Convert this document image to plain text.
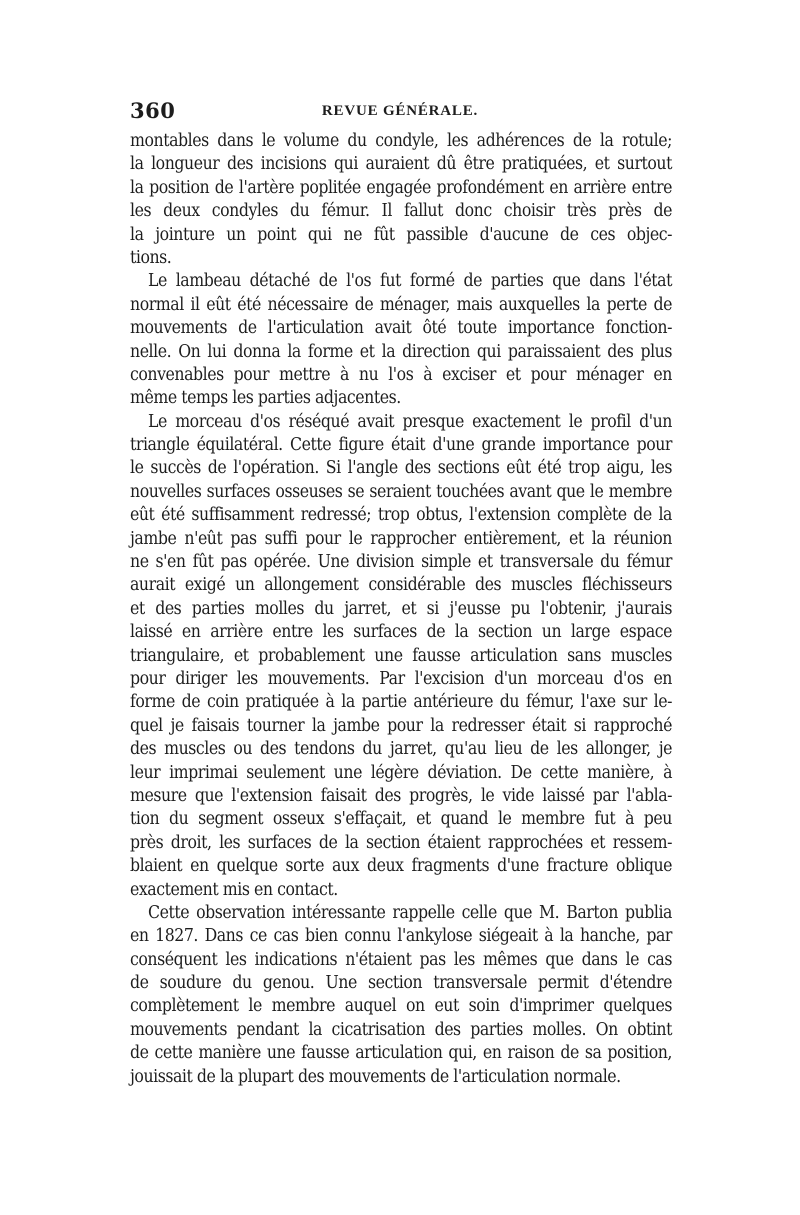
360	REVUE GÉNÉRALE.
montables dans le volume du condyle, les adhérences de la rotule;
la longueur des incisions qui auraient dû être pratiquées, et surtout
la position de l'artère poplitée engagée profondément en arrière entre
les deux condyles du fémur. Il fallut donc choisir très près de
la jointure un point qui ne fût passible d'aucune de ces objec-
tions.
Le lambeau détaché de l'os fut formé de parties que dans l'état
normal il eût été nécessaire de ménager, mais auxquelles la perte de
mouvements de l'articulation avait ôté toute importance fonction-
nelle. On lui donna la forme et la direction qui paraissaient des plus
convenables pour mettre à nu l'os à exciser et pour ménager en
même temps les parties adjacentes.
Le morceau d'os réséqué avait presque exactement le profil d'un
triangle équilatéral. Cette figure était d'une grande importance pour
le succès de l'opération. Si l'angle des sections eût été trop aigu, les
nouvelles surfaces osseuses se seraient touchées avant que le membre
eût été suffisamment redressé; trop obtus, l'extension complète de la
jambe n'eût pas suffi pour le rapprocher entièrement, et la réunion
ne s'en fût pas opérée. Une division simple et transversale du fémur
aurait exigé un allongement considérable des muscles fléchisseurs
et des parties molles du jarret, et si j'eusse pu l'obtenir, j'aurais
laissé en arrière entre les surfaces de la section un large espace
triangulaire, et probablement une fausse articulation sans muscles
pour diriger les mouvements. Par l'excision d'un morceau d'os en
forme de coin pratiquée à la partie antérieure du fémur, l'axe sur le-
quel je faisais tourner la jambe pour la redresser était si rapproché
des muscles ou des tendons du jarret, qu'au lieu de les allonger, je
leur imprimai seulement une légère déviation. De cette manière, à
mesure que l'extension faisait des progrès, le vide laissé par l'abla-
tion du segment osseux s'effaçait, et quand le membre fut à peu
près droit, les surfaces de la section étaient rapprochées et ressem-
blaient en quelque sorte aux deux fragments d'une fracture oblique
exactement mis en contact.
Cette observation intéressante rappelle celle que M. Barton publia
en 1827. Dans ce cas bien connu l'ankylose siégeait à la hanche, par
conséquent les indications n'étaient pas les mêmes que dans le cas
de soudure du genou. Une section transversale permit d'étendre
complètement le membre auquel on eut soin d'imprimer quelques
mouvements pendant la cicatrisation des parties molles. On obtint
de cette manière une fausse articulation qui, en raison de sa position,
jouissait de la plupart des mouvements de l'articulation normale.
